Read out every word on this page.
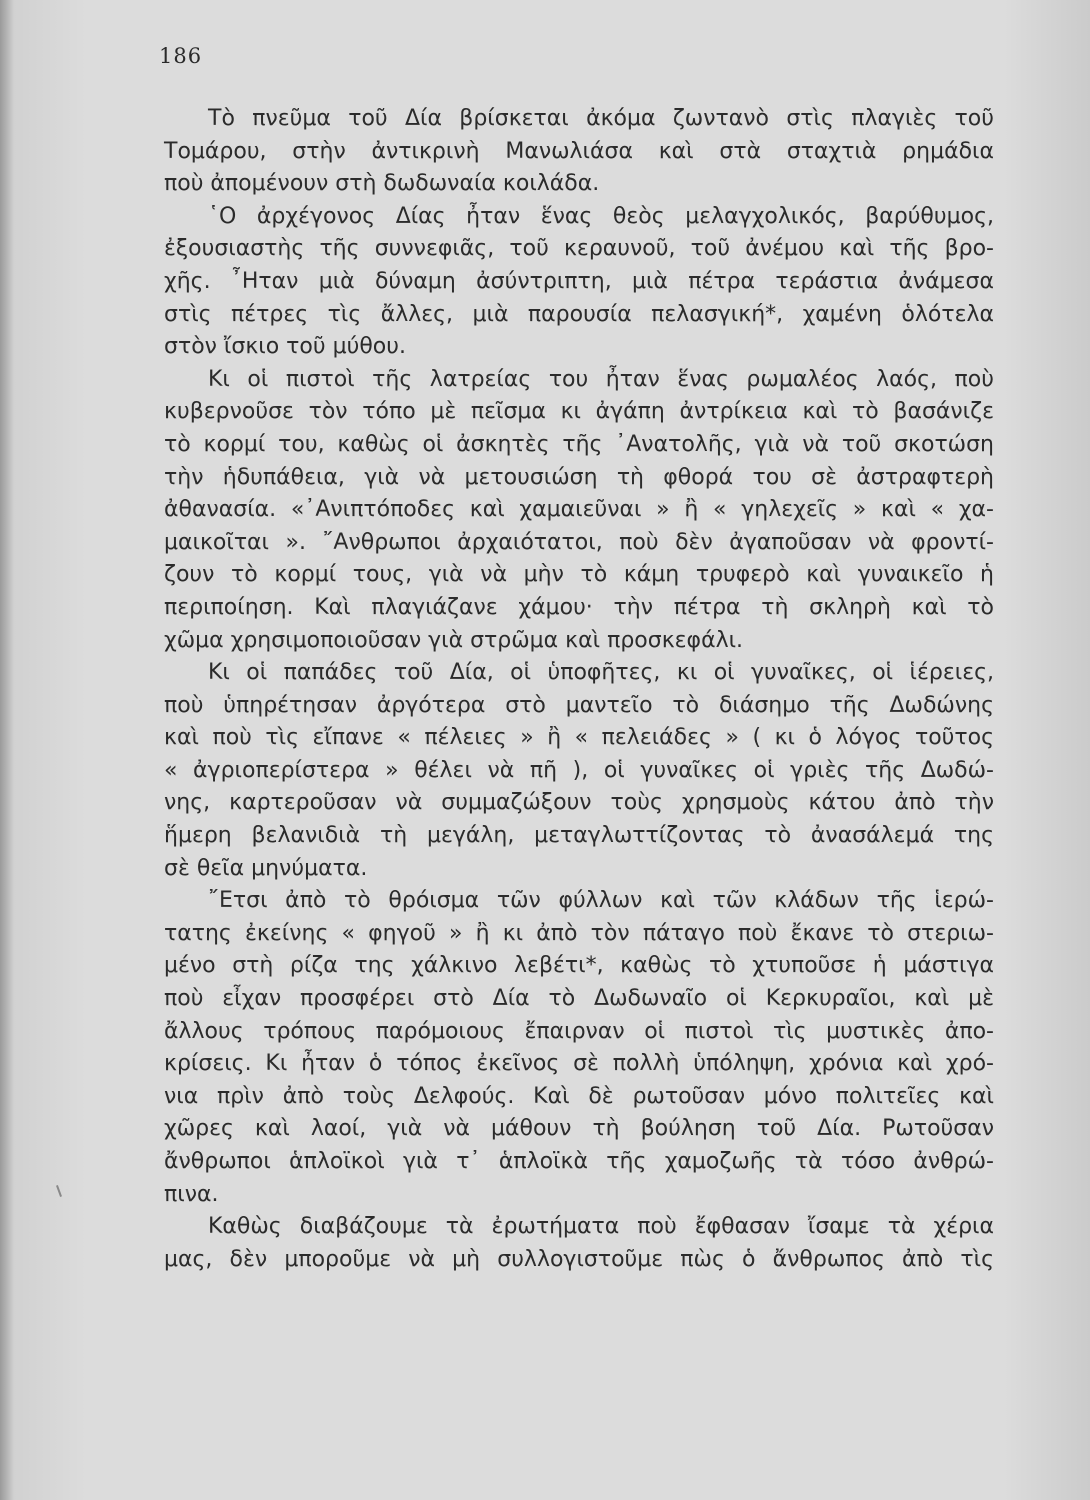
186
Τὸ πνεῦμα τοῦ Δία βρίσκεται ἀκόμα ζωντανὸ στὶς πλαγιὲς τοῦ
Τομάρου, στὴν ἀντικρινὴ Μανωλιάσα καὶ στὰ σταχτιὰ ρημάδια
ποὺ ἀπομένουν στὴ δωδωναία κοιλάδα.
῾Ο ἀρχέγονος Δίας ἦταν ἕνας θεὸς μελαγχολικός, βαρύθυμος,
ἐξουσιαστὴς τῆς συννεφιᾶς, τοῦ κεραυνοῦ, τοῦ ἀνέμου καὶ τῆς βρο-
χῆς. ῏Ηταν μιὰ δύναμη ἀσύντριπτη, μιὰ πέτρα τεράστια ἀνάμεσα
στὶς πέτρες τὶς ἄλλες, μιὰ παρουσία πελασγική*, χαμένη ὁλότελα
στὸν ἴσκιο τοῦ μύθου.
Κι οἱ πιστοὶ τῆς λατρείας του ἦταν ἕνας ρωμαλέος λαός, ποὺ
κυβερνοῦσε τὸν τόπο μὲ πεῖσμα κι ἀγάπη ἀντρίκεια καὶ τὸ βασάνιζε
τὸ κορμί του, καθὼς οἱ ἀσκητὲς τῆς ᾿Ανατολῆς, γιὰ νὰ τοῦ σκοτώση
τὴν ἡδυπάθεια, γιὰ νὰ μετουσιώση τὴ φθορά του σὲ ἀστραφτερὴ
ἀθανασία. «᾿Ανιπτόποδες καὶ χαμαιεῦναι » ἢ « γηλεχεῖς » καὶ « χα-
μαικοῖται ». ῎Ανθρωποι ἀρχαιότατοι, ποὺ δὲν ἀγαποῦσαν νὰ φροντί-
ζουν τὸ κορμί τους, γιὰ νὰ μὴν τὸ κάμη τρυφερὸ καὶ γυναικεῖο ἡ
περιποίηση. Καὶ πλαγιάζανε χάμου· τὴν πέτρα τὴ σκληρὴ καὶ τὸ
χῶμα χρησιμοποιοῦσαν γιὰ στρῶμα καὶ προσκεφάλι.
Κι οἱ παπάδες τοῦ Δία, οἱ ὑποφῆτες, κι οἱ γυναῖκες, οἱ ἱέρειες,
ποὺ ὑπηρέτησαν ἀργότερα στὸ μαντεῖο τὸ διάσημο τῆς Δωδώνης
καὶ ποὺ τὶς εἴπανε « πέλειες » ἢ « πελειάδες » ( κι ὁ λόγος τοῦτος
« ἀγριοπερίστερα » θέλει νὰ πῆ ), οἱ γυναῖκες οἱ γριὲς τῆς Δωδώ-
νης, καρτεροῦσαν νὰ συμμαζώξουν τοὺς χρησμοὺς κάτου ἀπὸ τὴν
ἥμερη βελανιδιὰ τὴ μεγάλη, μεταγλωττίζοντας τὸ ἀνασάλεμά της
σὲ θεῖα μηνύματα.
῎Ετσι ἀπὸ τὸ θρόισμα τῶν φύλλων καὶ τῶν κλάδων τῆς ἱερώ-
τατης ἐκείνης « φηγοῦ » ἢ κι ἀπὸ τὸν πάταγο ποὺ ἔκανε τὸ στεριω-
μένο στὴ ρίζα της χάλκινο λεβέτι*, καθὼς τὸ χτυποῦσε ἡ μάστιγα
ποὺ εἶχαν προσφέρει στὸ Δία τὸ Δωδωναῖο οἱ Κερκυραῖοι, καὶ μὲ
ἄλλους τρόπους παρόμοιους ἔπαιρναν οἱ πιστοὶ τὶς μυστικὲς ἀπο-
κρίσεις. Κι ἦταν ὁ τόπος ἐκεῖνος σὲ πολλὴ ὑπόληψη, χρόνια καὶ χρό-
νια πρὶν ἀπὸ τοὺς Δελφούς. Καὶ δὲ ρωτοῦσαν μόνο πολιτεῖες καὶ
χῶρες καὶ λαοί, γιὰ νὰ μάθουν τὴ βούληση τοῦ Δία. Ρωτοῦσαν
ἄνθρωποι ἁπλοϊκοὶ γιὰ τ᾿ ἁπλοϊκὰ τῆς χαμοζωῆς τὰ τόσο ἀνθρώ-
πινα.
Καθὼς διαβάζουμε τὰ ἐρωτήματα ποὺ ἔφθασαν ἴσαμε τὰ χέρια
μας, δὲν μποροῦμε νὰ μὴ συλλογιστοῦμε πὼς ὁ ἄνθρωπος ἀπὸ τὶς
